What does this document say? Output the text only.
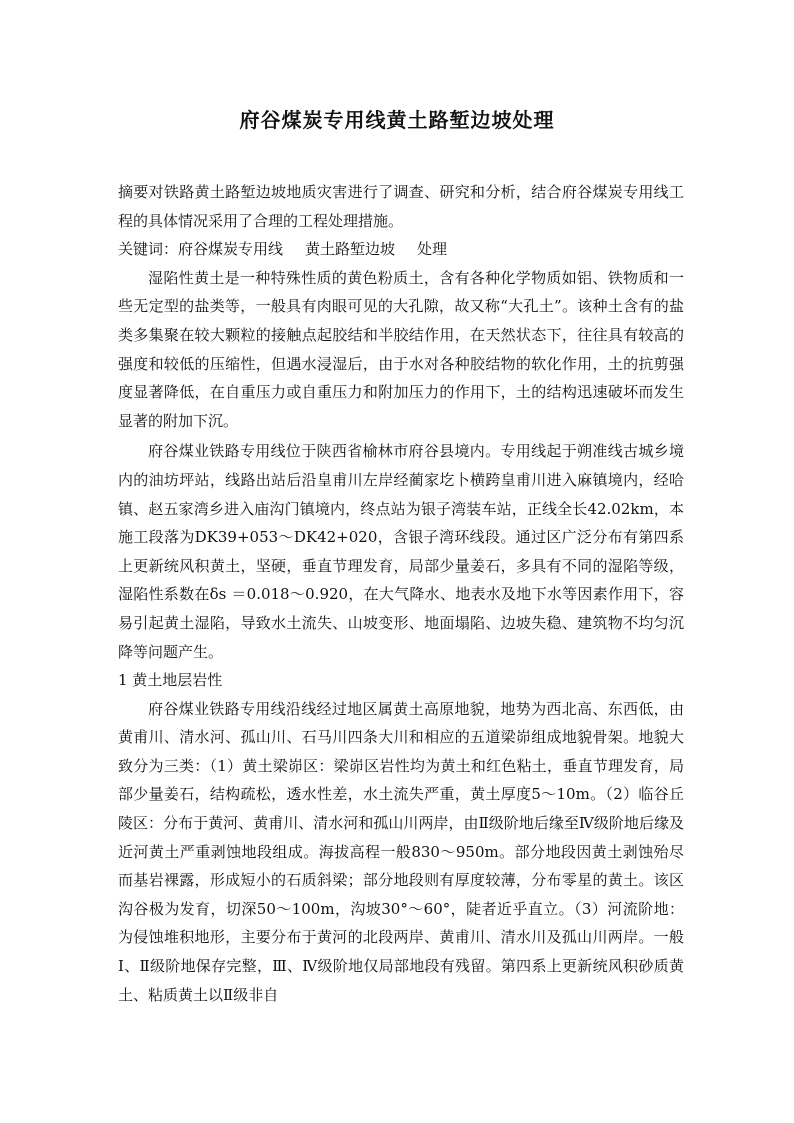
府谷煤炭专用线黄土路堑边坡处理

摘要对铁路黄土路堑边坡地质灾害进行了调查、研究和分析，结合府谷煤炭专用线工程的具体情况采用了合理的工程处理措施。

关键词：府谷煤炭专用线 黄土路堑边坡 处理

湿陷性黄土是一种特殊性质的黄色粉质土，含有各种化学物质如铝、铁物质和一些无定型的盐类等，一般具有肉眼可见的大孔隙，故又称“大孔土”。该种土含有的盐类多集聚在较大颗粒的接触点起胶结和半胶结作用，在天然状态下，往往具有较高的强度和较低的压缩性，但遇水浸湿后，由于水对各种胶结物的软化作用，土的抗剪强度显著降低，在自重压力或自重压力和附加压力的作用下，土的结构迅速破坏而发生显著的附加下沉。

府谷煤业铁路专用线位于陕西省榆林市府谷县境内。专用线起于朔准线古城乡境内的油坊坪站，线路出站后沿皇甫川左岸经蔺家圪卜横跨皇甫川进入麻镇境内，经哈镇、赵五家湾乡进入庙沟门镇境内，终点站为银子湾装车站，正线全长42.02km，本施工段落为DK39+053～DK42+020，含银子湾环线段。通过区广泛分布有第四系上更新统风积黄土，坚硬，垂直节理发育，局部少量姜石，多具有不同的湿陷等级，湿陷性系数在δs ＝0.018～0.920，在大气降水、地表水及地下水等因素作用下，容易引起黄土湿陷，导致水土流失、山坡变形、地面塌陷、边坡失稳、建筑物不均匀沉降等问题产生。

1 黄土地层岩性

府谷煤业铁路专用线沿线经过地区属黄土高原地貌，地势为西北高、东西低，由黄甫川、清水河、孤山川、石马川四条大川和相应的五道梁峁组成地貌骨架。地貌大致分为三类：（1）黄土梁峁区：梁峁区岩性均为黄土和红色粘土，垂直节理发育，局部少量姜石，结构疏松，透水性差，水土流失严重，黄土厚度5～10m。（2）临谷丘陵区：分布于黄河、黄甫川、清水河和孤山川两岸，由Ⅱ级阶地后缘至Ⅳ级阶地后缘及近河黄土严重剥蚀地段组成。海拔高程一般830～950m。部分地段因黄土剥蚀殆尽而基岩裸露，形成短小的石质斜梁；部分地段则有厚度较薄，分布零星的黄土。该区沟谷极为发育，切深50～100m，沟坡30°～60°，陡者近乎直立。（3）河流阶地：为侵蚀堆积地形，主要分布于黄河的北段两岸、黄甫川、清水川及孤山川两岸。一般Ⅰ、Ⅱ级阶地保存完整，Ⅲ、Ⅳ级阶地仅局部地段有残留。第四系上更新统风积砂质黄土、粘质黄土以Ⅱ级非自
